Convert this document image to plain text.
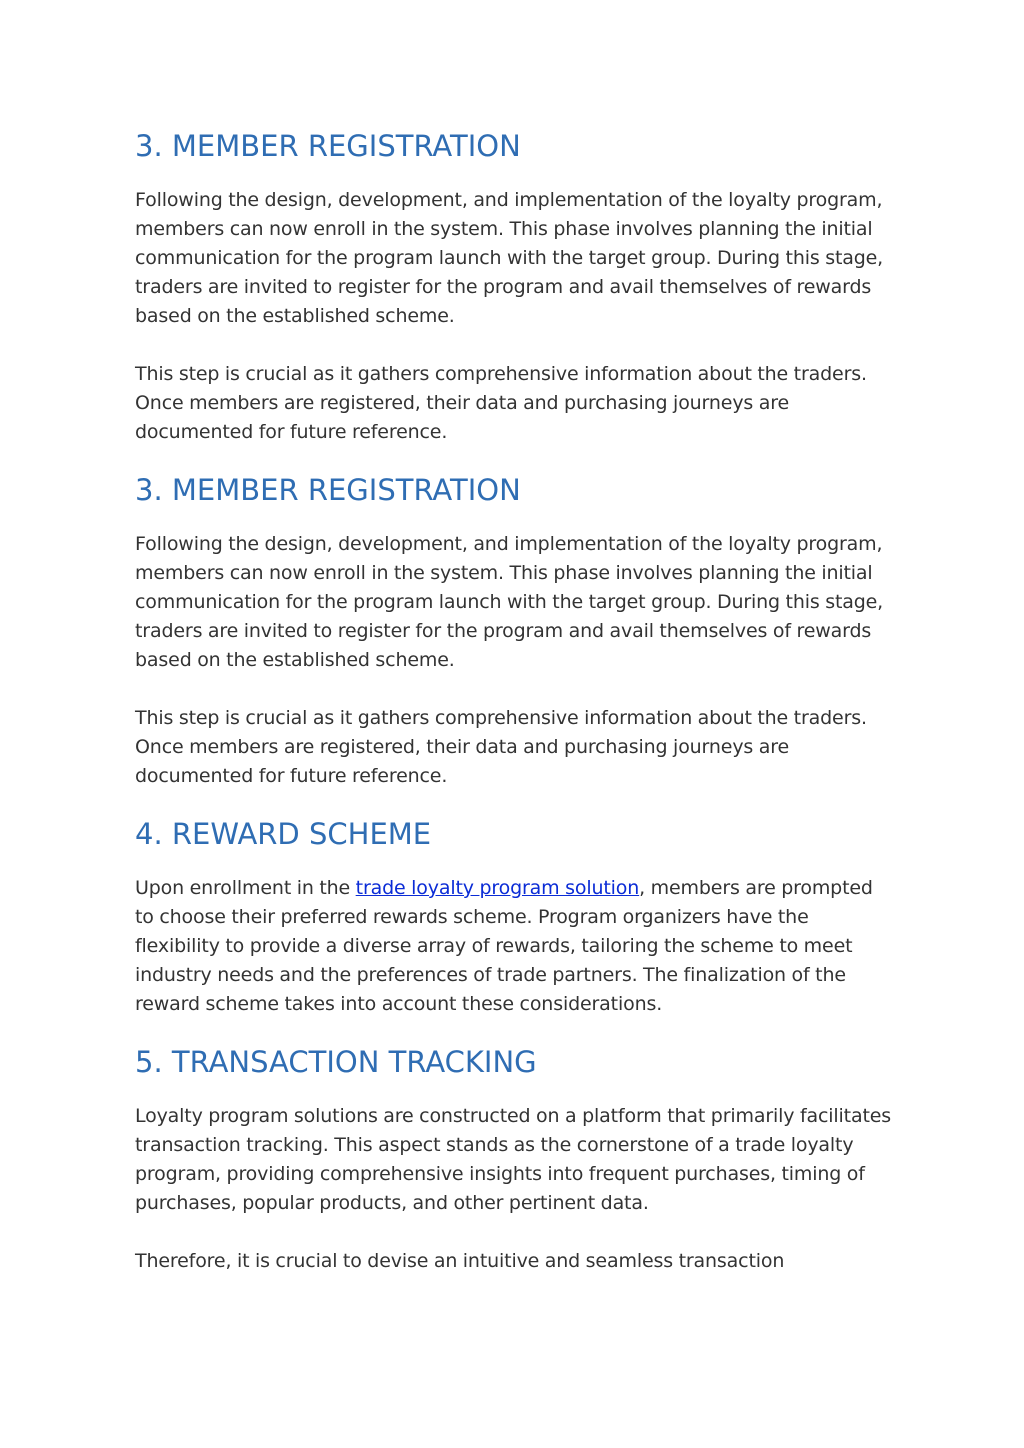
3. MEMBER REGISTRATION

Following the design, development, and implementation of the loyalty program, members can now enroll in the system. This phase involves planning the initial communication for the program launch with the target group. During this stage, traders are invited to register for the program and avail themselves of rewards based on the established scheme.

This step is crucial as it gathers comprehensive information about the traders. Once members are registered, their data and purchasing journeys are documented for future reference.

3. MEMBER REGISTRATION

Following the design, development, and implementation of the loyalty program, members can now enroll in the system. This phase involves planning the initial communication for the program launch with the target group. During this stage, traders are invited to register for the program and avail themselves of rewards based on the established scheme.

This step is crucial as it gathers comprehensive information about the traders. Once members are registered, their data and purchasing journeys are documented for future reference.

4. REWARD SCHEME

Upon enrollment in the trade loyalty program solution, members are prompted to choose their preferred rewards scheme. Program organizers have the flexibility to provide a diverse array of rewards, tailoring the scheme to meet industry needs and the preferences of trade partners. The finalization of the reward scheme takes into account these considerations.

5. TRANSACTION TRACKING

Loyalty program solutions are constructed on a platform that primarily facilitates transaction tracking. This aspect stands as the cornerstone of a trade loyalty program, providing comprehensive insights into frequent purchases, timing of purchases, popular products, and other pertinent data.

Therefore, it is crucial to devise an intuitive and seamless transaction
